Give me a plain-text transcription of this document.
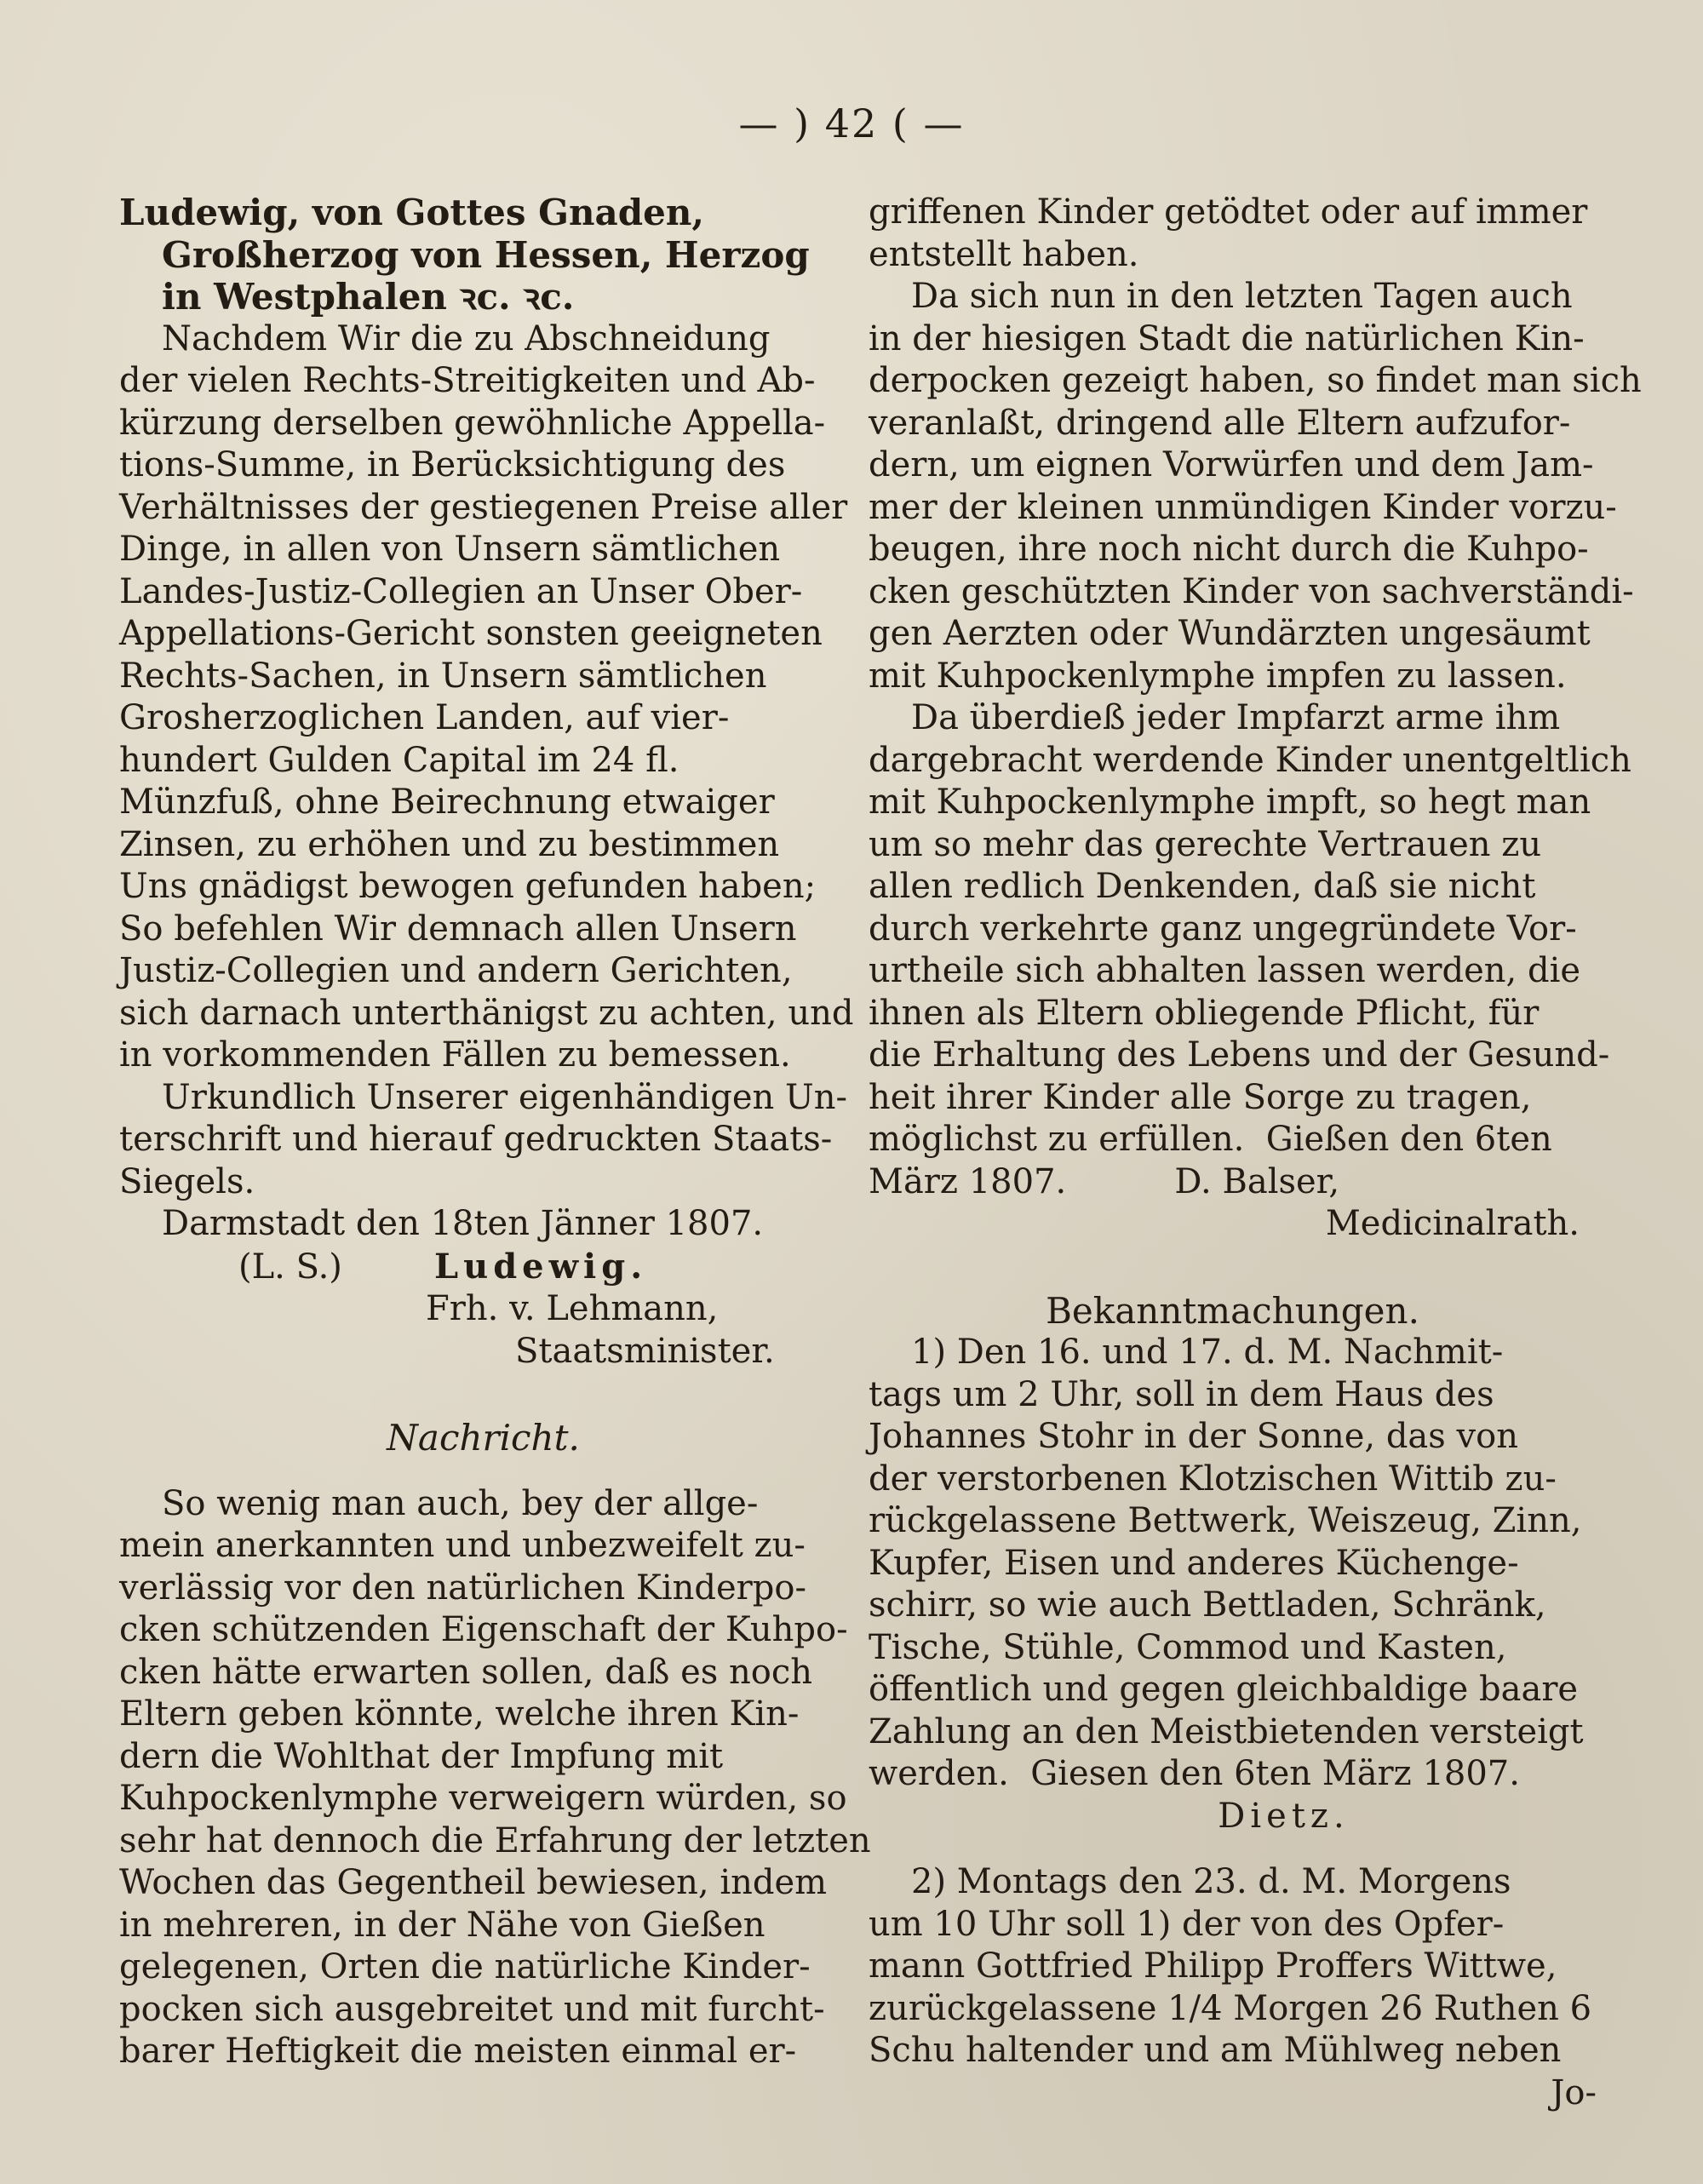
— ) 42 ( —
Ludewig, von Gottes Gnaden,
Großherzog von Hessen, Herzog
in Westphalen ꝛc. ꝛc.
Nachdem Wir die zu Abschneidung
der vielen Rechts-Streitigkeiten und Ab-
kürzung derselben gewöhnliche Appella-
tions-Summe, in Berücksichtigung des
Verhältnisses der gestiegenen Preise aller
Dinge, in allen von Unsern sämtlichen
Landes-Justiz-Collegien an Unser Ober-
Appellations-Gericht sonsten geeigneten
Rechts-Sachen, in Unsern sämtlichen
Grosherzoglichen Landen, auf vier-
hundert Gulden Capital im 24 fl.
Münzfuß, ohne Beirechnung etwaiger
Zinsen, zu erhöhen und zu bestimmen
Uns gnädigst bewogen gefunden haben;
So befehlen Wir demnach allen Unsern
Justiz-Collegien und andern Gerichten,
sich darnach unterthänigst zu achten, und
in vorkommenden Fällen zu bemessen.
Urkundlich Unserer eigenhändigen Un-
terschrift und hierauf gedruckten Staats-
Siegels.
Darmstadt den 18ten Jänner 1807.
(L. S.)	Ludewig.
Frh. v. Lehmann,
Staatsminister.
Nachricht.
So wenig man auch, bey der allge-
mein anerkannten und unbezweifelt zu-
verlässig vor den natürlichen Kinderpo-
cken schützenden Eigenschaft der Kuhpo-
cken hätte erwarten sollen, daß es noch
Eltern geben könnte, welche ihren Kin-
dern die Wohlthat der Impfung mit
Kuhpockenlymphe verweigern würden, so
sehr hat dennoch die Erfahrung der letzten
Wochen das Gegentheil bewiesen, indem
in mehreren, in der Nähe von Gießen
gelegenen, Orten die natürliche Kinder-
pocken sich ausgebreitet und mit furcht-
barer Heftigkeit die meisten einmal er-
griffenen Kinder getödtet oder auf immer
entstellt haben.
Da sich nun in den letzten Tagen auch
in der hiesigen Stadt die natürlichen Kin-
derpocken gezeigt haben, so findet man sich
veranlaßt, dringend alle Eltern aufzufor-
dern, um eignen Vorwürfen und dem Jam-
mer der kleinen unmündigen Kinder vorzu-
beugen, ihre noch nicht durch die Kuhpo-
cken geschützten Kinder von sachverständi-
gen Aerzten oder Wundärzten ungesäumt
mit Kuhpockenlymphe impfen zu lassen.
Da überdieß jeder Impfarzt arme ihm
dargebracht werdende Kinder unentgeltlich
mit Kuhpockenlymphe impft, so hegt man
um so mehr das gerechte Vertrauen zu
allen redlich Denkenden, daß sie nicht
durch verkehrte ganz ungegründete Vor-
urtheile sich abhalten lassen werden, die
ihnen als Eltern obliegende Pflicht, für
die Erhaltung des Lebens und der Gesund-
heit ihrer Kinder alle Sorge zu tragen,
möglichst zu erfüllen.  Gießen den 6ten
März 1807.          D. Balser,
Medicinalrath.
Bekanntmachungen.
1) Den 16. und 17. d. M. Nachmit-
tags um 2 Uhr, soll in dem Haus des
Johannes Stohr in der Sonne, das von
der verstorbenen Klotzischen Wittib zu-
rückgelassene Bettwerk, Weiszeug, Zinn,
Kupfer, Eisen und anderes Küchenge-
schirr, so wie auch Bettladen, Schränk,
Tische, Stühle, Commod und Kasten,
öffentlich und gegen gleichbaldige baare
Zahlung an den Meistbietenden versteigt
werden.  Giesen den 6ten März 1807.
Dietz.
2) Montags den 23. d. M. Morgens
um 10 Uhr soll 1) der von des Opfer-
mann Gottfried Philipp Proffers Wittwe,
zurückgelassene 1/4 Morgen 26 Ruthen 6
Schu haltender und am Mühlweg neben
Jo-
